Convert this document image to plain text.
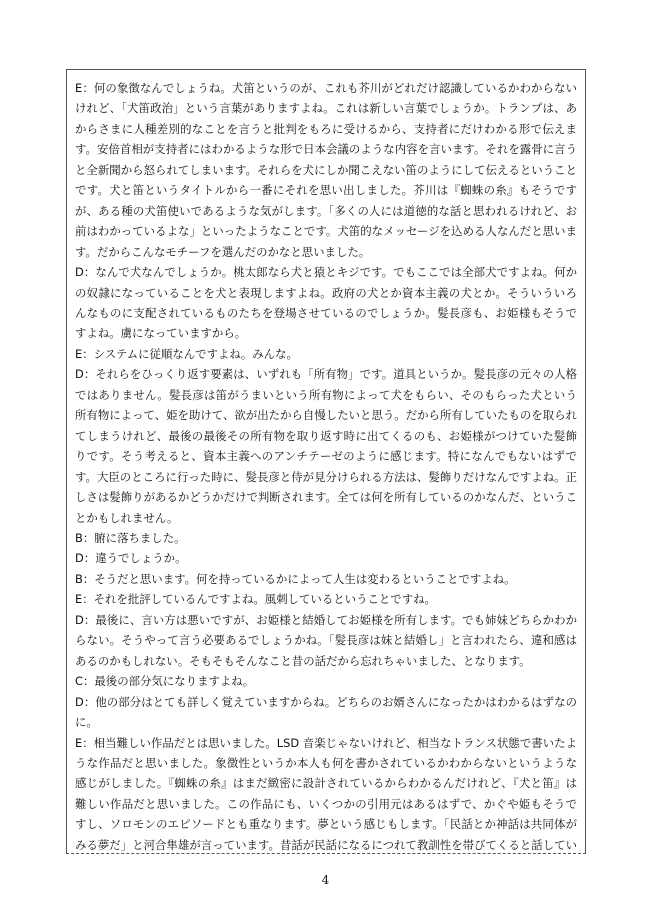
E：何の象徴なんでしょうね。犬笛というのが、これも芥川がどれだけ認識しているかわからないけれど、「犬笛政治」という言葉がありますよね。これは新しい言葉でしょうか。トランプは、あからさまに人種差別的なことを言うと批判をもろに受けるから、支持者にだけわかる形で伝えます。安倍首相が支持者にはわかるような形で日本会議のような内容を言います。それを露骨に言うと全新聞から怒られてしまいます。それらを犬にしか聞こえない笛のようにして伝えるということです。犬と笛というタイトルから一番にそれを思い出しました。芥川は『蜘蛛の糸』もそうですが、ある種の犬笛使いであるような気がします。「多くの人には道徳的な話と思われるけれど、お前はわかっているよな」といったようなことです。犬笛的なメッセージを込める人なんだと思います。だからこんなモチーフを選んだのかなと思いました。

D：なんで犬なんでしょうか。桃太郎なら犬と猿とキジです。でもここでは全部犬ですよね。何かの奴隷になっていることを犬と表現しますよね。政府の犬とか資本主義の犬とか。そういういろんなものに支配されているものたちを登場させているのでしょうか。髪長彦も、お姫様もそうですよね。虜になっていますから。

E：システムに従順なんですよね。みんな。

D：それらをひっくり返す要素は、いずれも「所有物」です。道具というか。髪長彦の元々の人格ではありません。髪長彦は笛がうまいという所有物によって犬をもらい、そのもらった犬という所有物によって、姫を助けて、欲が出たから自慢したいと思う。だから所有していたものを取られてしまうけれど、最後の最後その所有物を取り返す時に出てくるのも、お姫様がつけていた髪飾りです。そう考えると、資本主義へのアンチテーゼのように感じます。特になんでもないはずです。大臣のところに行った時に、髪長彦と侍が見分けられる方法は、髪飾りだけなんですよね。正しさは髪飾りがあるかどうかだけで判断されます。全ては何を所有しているのかなんだ、ということかもしれません。

B：腑に落ちました。

D：違うでしょうか。

B：そうだと思います。何を持っているかによって人生は変わるということですよね。

E：それを批評しているんですよね。風刺しているということですね。

D：最後に、言い方は悪いですが、お姫様と結婚してお姫様を所有します。でも姉妹どちらかわからない。そうやって言う必要あるでしょうかね。「髪長彦は妹と結婚し」と言われたら、違和感はあるのかもしれない。そもそもそんなこと昔の話だから忘れちゃいました、となります。

C：最後の部分気になりますよね。

D：他の部分はとても詳しく覚えていますからね。どちらのお婿さんになったかはわかるはずなのに。

E：相当難しい作品だとは思いました。LSD 音楽じゃないけれど、相当なトランス状態で書いたような作品だと思いました。象徴性というか本人も何を書かされているかわからないというような感じがしました。『蜘蛛の糸』はまだ緻密に設計されているからわかるんだけれど、『犬と笛』は難しい作品だと思いました。この作品にも、いくつかの引用元はあるはずで、かぐや姫もそうですし、ソロモンのエピソードとも重なります。夢という感じもします。「民話とか神話は共同体がみる夢だ」と河合隼雄が言っています。昔話が民話になるにつれて教訓性を帯びてくると話してい

4
